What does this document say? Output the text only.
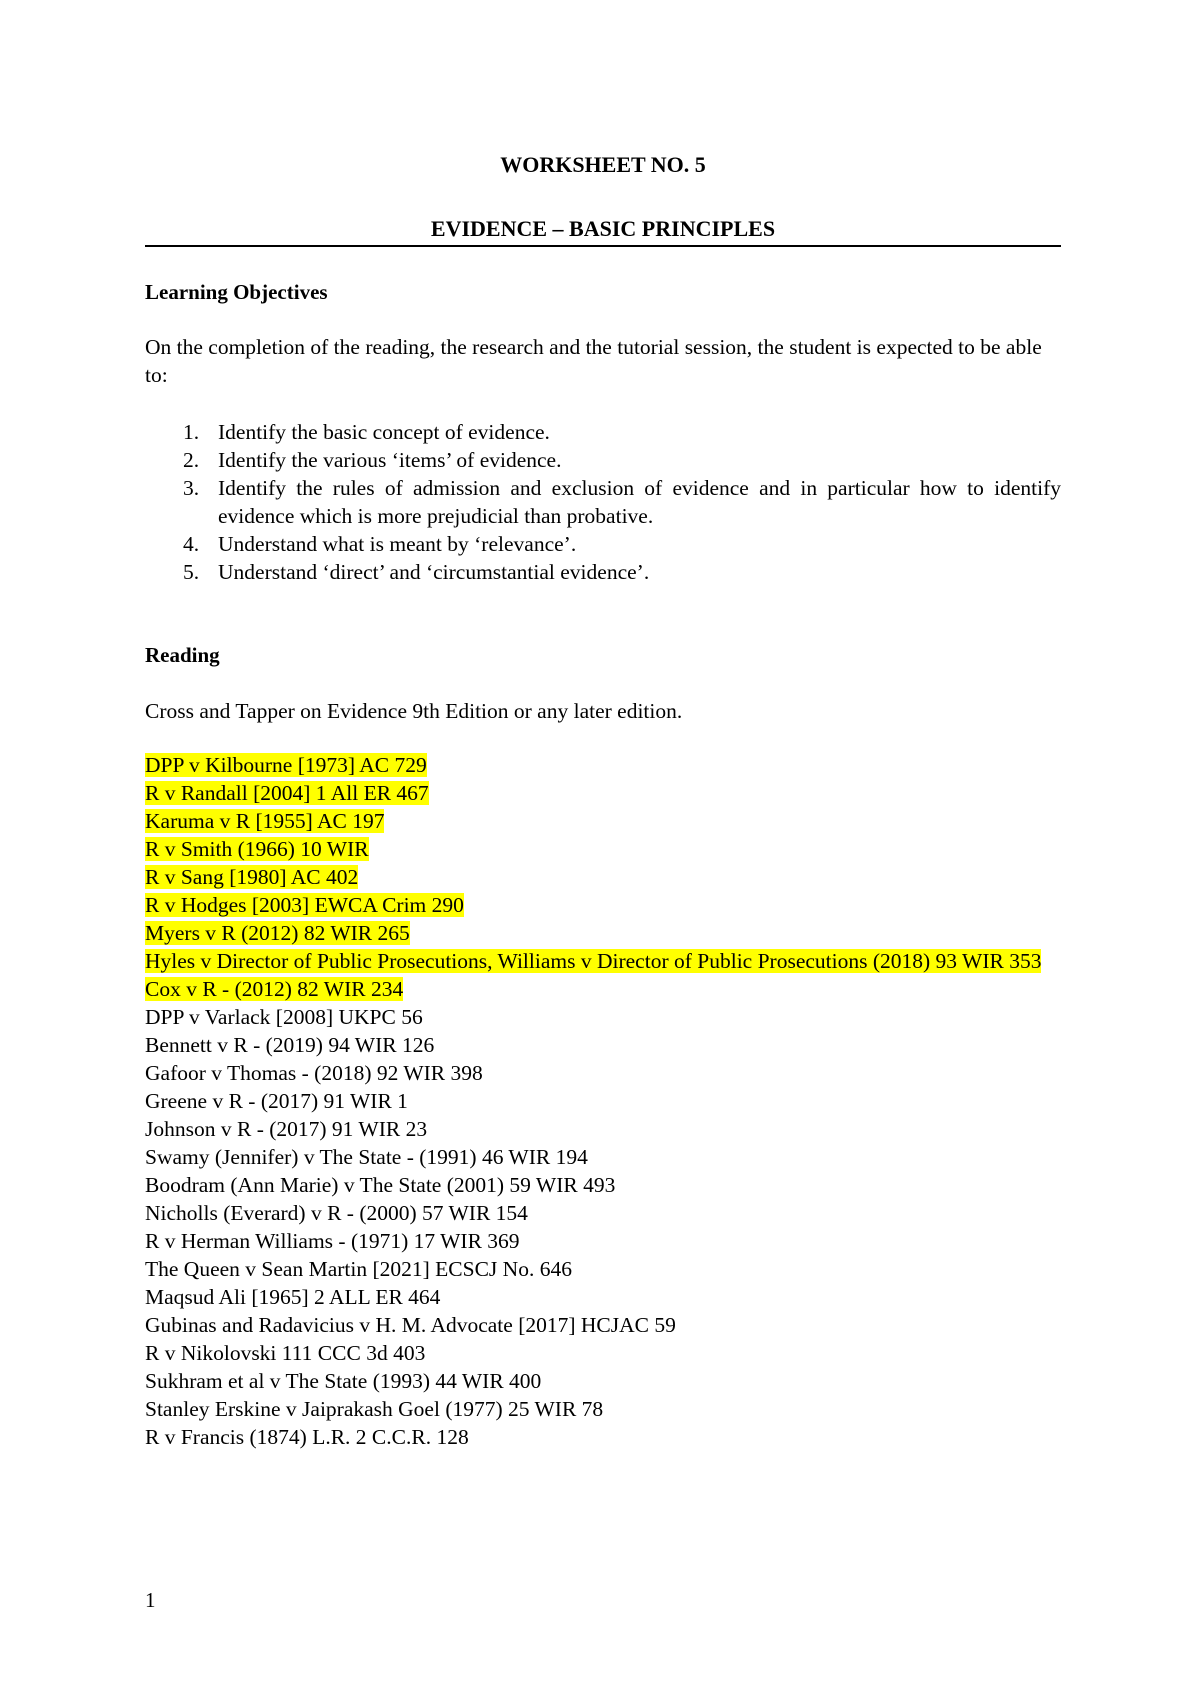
WORKSHEET NO. 5
EVIDENCE – BASIC PRINCIPLES
Learning Objectives
On the completion of the reading, the research and the tutorial session, the student is expected to be able to:
1. Identify the basic concept of evidence.
2. Identify the various ‘items’ of evidence.
3. Identify the rules of admission and exclusion of evidence and in particular how to identify evidence which is more prejudicial than probative.
4. Understand what is meant by ‘relevance’.
5. Understand ‘direct’ and ‘circumstantial evidence’.
Reading
Cross and Tapper on Evidence 9th Edition or any later edition.
DPP v Kilbourne [1973] AC 729
R v Randall [2004] 1 All ER 467
Karuma v R [1955] AC 197
R v Smith (1966) 10 WIR
R v Sang [1980] AC 402
R v Hodges [2003] EWCA Crim 290
Myers v R (2012) 82 WIR 265
Hyles v Director of Public Prosecutions, Williams v Director of Public Prosecutions (2018) 93 WIR 353
Cox v R - (2012) 82 WIR 234
DPP v Varlack [2008] UKPC 56
Bennett v R - (2019) 94 WIR 126
Gafoor v Thomas - (2018) 92 WIR 398
Greene v R - (2017) 91 WIR 1
Johnson v R - (2017) 91 WIR 23
Swamy (Jennifer) v The State - (1991) 46 WIR 194
Boodram (Ann Marie) v The State (2001) 59 WIR 493
Nicholls (Everard) v R - (2000) 57 WIR 154
R v Herman Williams - (1971) 17 WIR 369
The Queen v Sean Martin [2021] ECSCJ No. 646
Maqsud Ali [1965] 2 ALL ER 464
Gubinas and Radavicius v H. M. Advocate [2017] HCJAC 59
R v Nikolovski 111 CCC 3d 403
Sukhram et al v The State (1993) 44 WIR 400
Stanley Erskine v Jaiprakash Goel (1977) 25 WIR 78
R v Francis (1874) L.R. 2 C.C.R. 128
1
